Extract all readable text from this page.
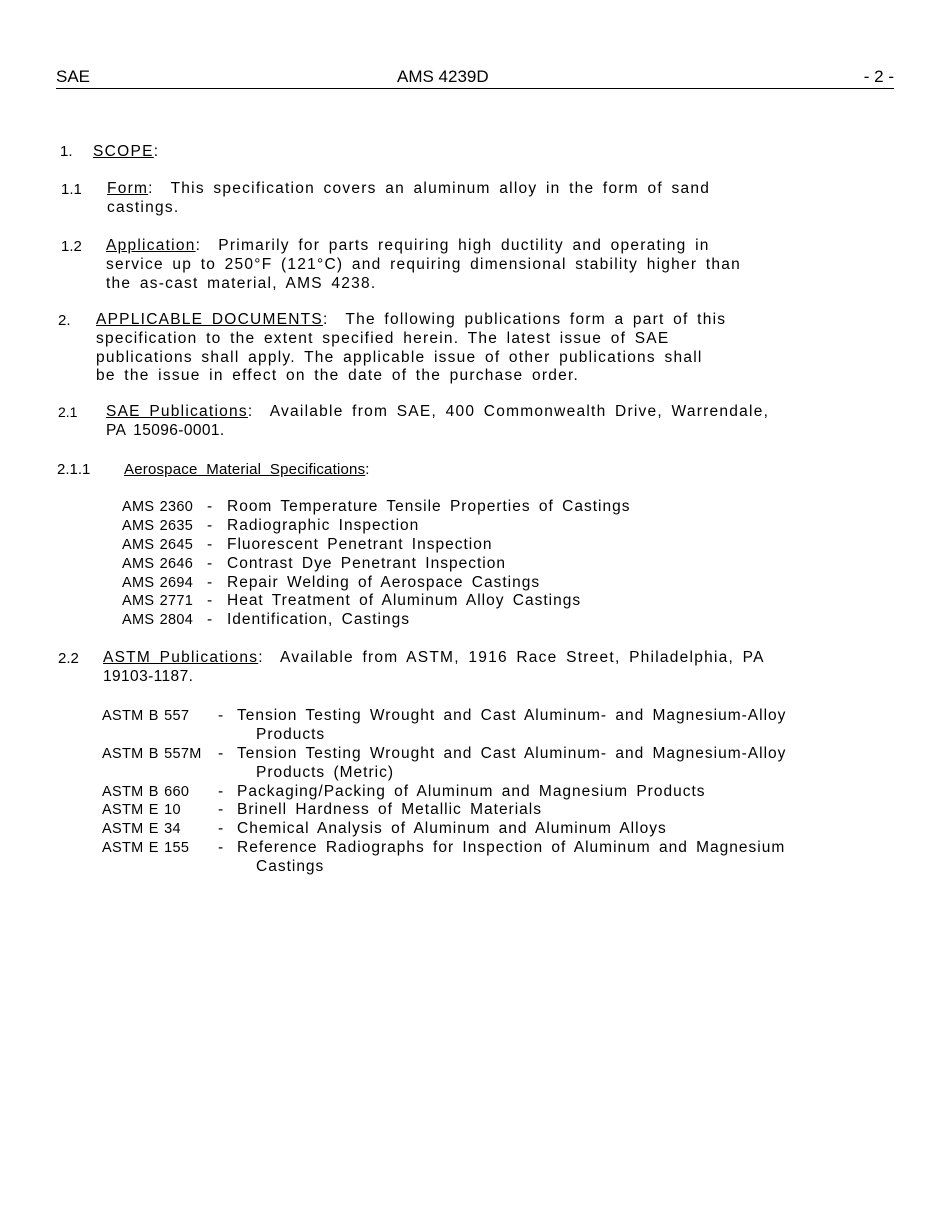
SAE	AMS 4239D	- 2 -
1. SCOPE:
1.1 Form: This specification covers an aluminum alloy in the form of sand
castings.
1.2 Application: Primarily for parts requiring high ductility and operating in
service up to 250°F (121°C) and requiring dimensional stability higher than
the as-cast material, AMS 4238.
2. APPLICABLE DOCUMENTS: The following publications form a part of this
specification to the extent specified herein. The latest issue of SAE
publications shall apply. The applicable issue of other publications shall
be the issue in effect on the date of the purchase order.
2.1 SAE Publications: Available from SAE, 400 Commonwealth Drive, Warrendale,
PA 15096-0001.
2.1.1 Aerospace  Material  Specifications:
AMS 2360 - Room Temperature Tensile Properties of Castings
AMS 2635 - Radiographic Inspection
AMS 2645 - Fluorescent Penetrant Inspection
AMS 2646 - Contrast Dye Penetrant Inspection
AMS 2694 - Repair Welding of Aerospace Castings
AMS 2771 - Heat Treatment of Aluminum Alloy Castings
AMS 2804 - Identification, Castings
2.2 ASTM Publications: Available from ASTM, 1916 Race Street, Philadelphia, PA
19103-1187.
ASTM B 557 - Tension Testing Wrought and Cast Aluminum- and Magnesium-Alloy
Products
ASTM B 557M - Tension Testing Wrought and Cast Aluminum- and Magnesium-Alloy
Products (Metric)
ASTM B 660 - Packaging/Packing of Aluminum and Magnesium Products
ASTM E 10 - Brinell Hardness of Metallic Materials
ASTM E 34 - Chemical Analysis of Aluminum and Aluminum Alloys
ASTM E 155 - Reference Radiographs for Inspection of Aluminum and Magnesium
Castings
